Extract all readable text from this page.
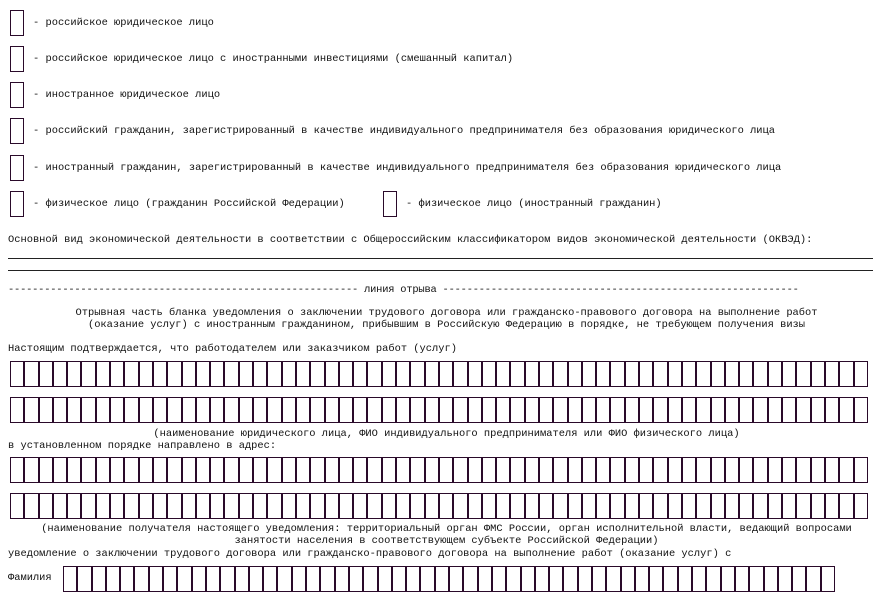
- российское юридическое лицо
- российское юридическое лицо с иностранными инвестициями (смешанный капитал)
- иностранное юридическое лицо
- российский гражданин, зарегистрированный в качестве индивидуального предпринимателя без образования юридического лица
- иностранный гражданин, зарегистрированный в качестве индивидуального предпринимателя без образования юридического лица
- физическое лицо (гражданин Российской Федерации)	- физическое лицо (иностранный гражданин)
Основной вид экономической деятельности в соответствии с Общероссийским классификатором видов экономической деятельности (ОКВЭД):
---------------------------------------------------------- линия отрыва -----------------------------------------------------------
Отрывная часть бланка уведомления о заключении трудового договора или гражданско-правового договора на выполнение работ
(оказание услуг) с иностранным гражданином, прибывшим в Российскую Федерацию в порядке, не требующем получения визы
Настоящим подтверждается, что работодателем или заказчиком работ (услуг)
(наименование юридического лица, ФИО индивидуального предпринимателя или ФИО физического лица)
в установленном порядке направлено в адрес:
(наименование получателя настоящего уведомления: территориальный орган ФМС России, орган исполнительной власти, ведающий вопросами
занятости населения в соответствующем субъекте Российской Федерации)
уведомление о заключении трудового договора или гражданско-правового договора на выполнение работ (оказание услуг) с
Фамилия
